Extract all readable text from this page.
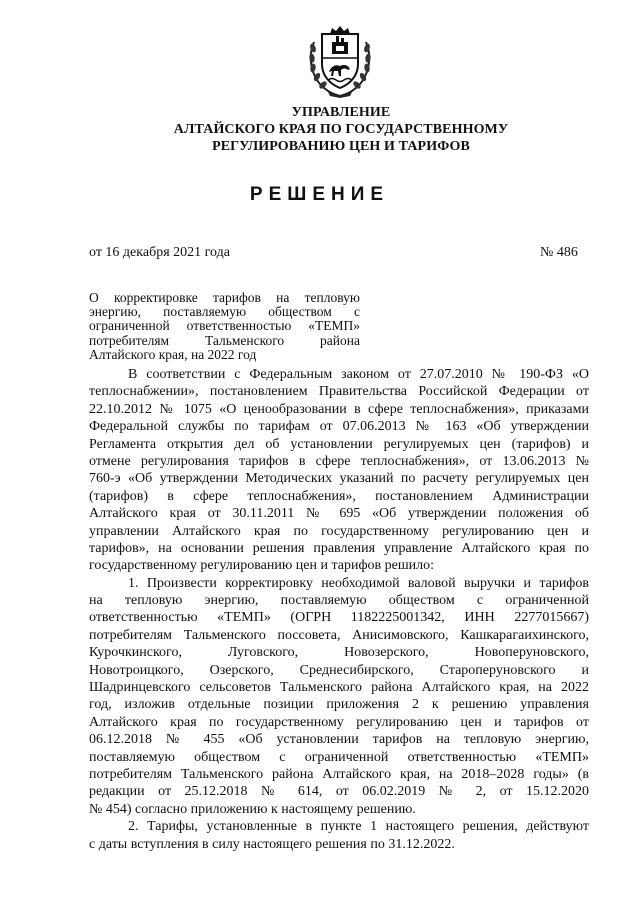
УПРАВЛЕНИЕ
АЛТАЙСКОГО КРАЯ ПО ГОСУДАРСТВЕННОМУ
РЕГУЛИРОВАНИЮ ЦЕН И ТАРИФОВ
РЕШЕНИЕ
от 16 декабря 2021 года	№ 486
О корректировке тарифов на тепловую
энергию, поставляемую обществом с
ограниченной ответственностью «ТЕМП»
потребителям Тальменского района
Алтайского края, на 2022 год
В соответствии с Федеральным законом от 27.07.2010 № 190-ФЗ «О
теплоснабжении», постановлением Правительства Российской Федерации от
22.10.2012 № 1075 «О ценообразовании в сфере теплоснабжения», приказами
Федеральной службы по тарифам от 07.06.2013 № 163 «Об утверждении
Регламента открытия дел об установлении регулируемых цен (тарифов) и
отмене регулирования тарифов в сфере теплоснабжения», от 13.06.2013 №
760-э «Об утверждении Методических указаний по расчету регулируемых цен
(тарифов) в сфере теплоснабжения», постановлением Администрации
Алтайского края от 30.11.2011 № 695 «Об утверждении положения об
управлении Алтайского края по государственному регулированию цен и
тарифов», на основании решения правления управление Алтайского края по
государственному регулированию цен и тарифов решило:
1. Произвести корректировку необходимой валовой выручки и тарифов
на тепловую энергию, поставляемую обществом с ограниченной
ответственностью «ТЕМП» (ОГРН 1182225001342, ИНН 2277015667)
потребителям Тальменского поссовета, Анисимовского, Кашкарагаихинского,
Курочкинского, Луговского, Новозерского, Новоперуновского,
Новотроицкого, Озерского, Среднесибирского, Староперуновского и
Шадринцевского сельсоветов Тальменского района Алтайского края, на 2022
год, изложив отдельные позиции приложения 2 к решению управления
Алтайского края по государственному регулированию цен и тарифов от
06.12.2018 № 455 «Об установлении тарифов на тепловую энергию,
поставляемую обществом с ограниченной ответственностью «ТЕМП»
потребителям Тальменского района Алтайского края, на 2018–2028 годы» (в
редакции от 25.12.2018 № 614, от 06.02.2019 № 2, от 15.12.2020
№ 454) согласно приложению к настоящему решению.
2. Тарифы, установленные в пункте 1 настоящего решения, действуют
с даты вступления в силу настоящего решения по 31.12.2022.
